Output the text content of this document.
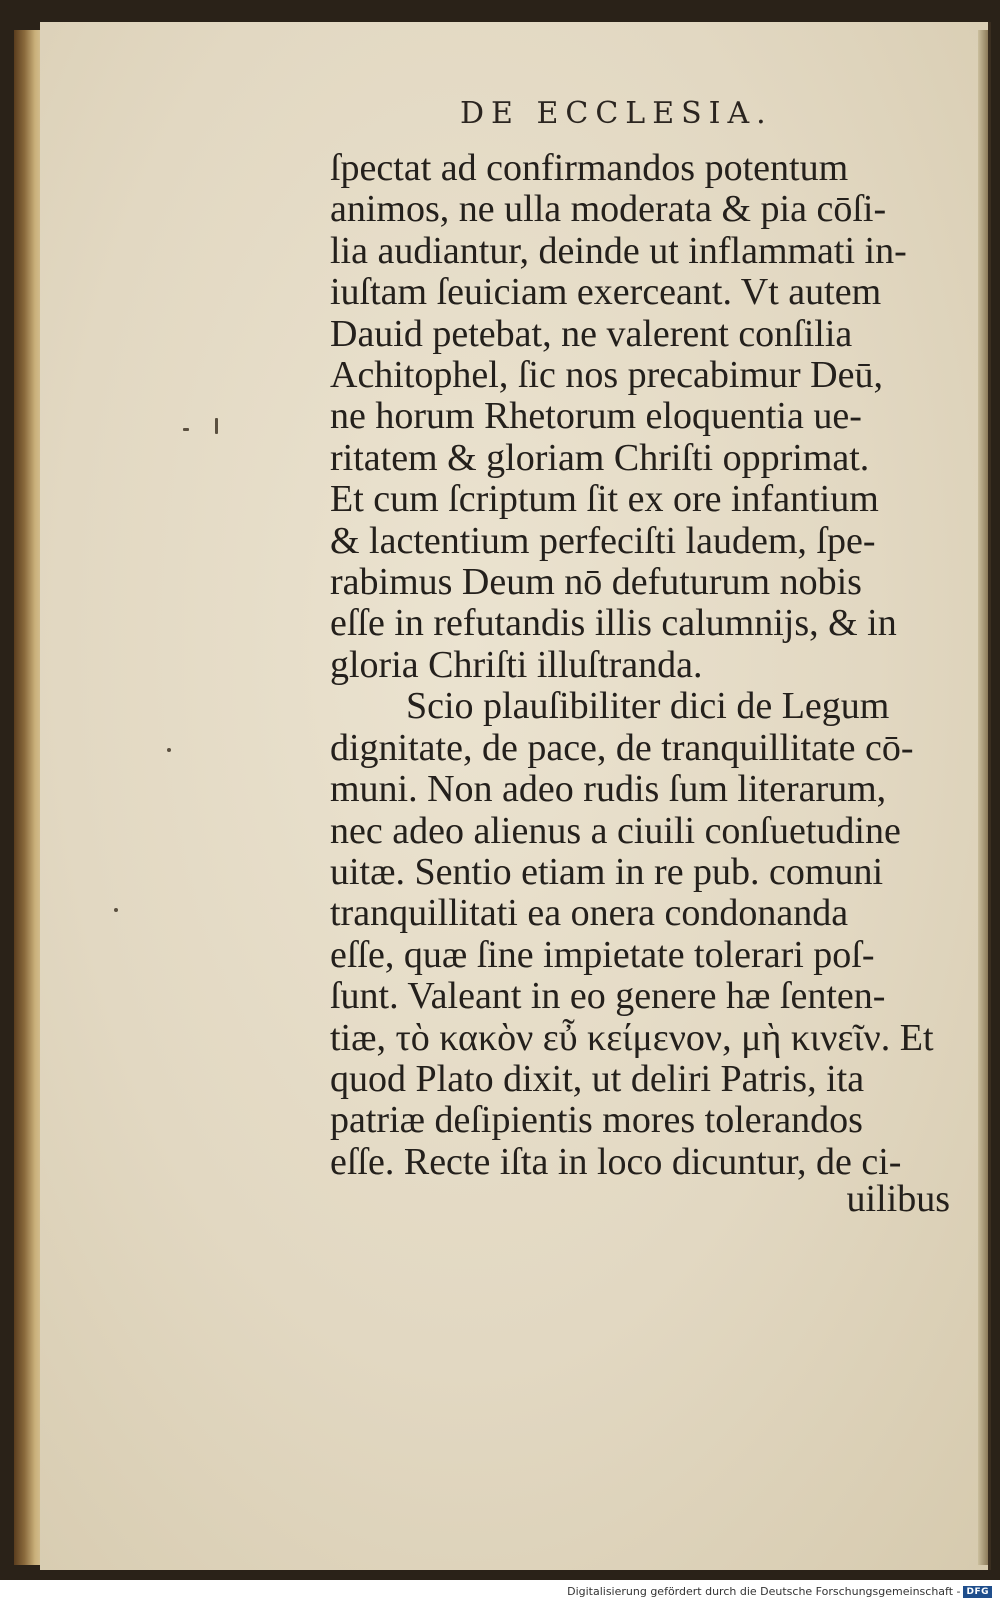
DE ECCLESIA.
ſpectat ad confirmandos potentum
animos, ne ulla moderata & pia cōſi-
lia audiantur, deinde ut inflammati in-
iuſtam ſeuiciam exerceant. Vt autem
Dauid petebat, ne valerent conſilia
Achitophel, ſic nos precabimur Deū,
ne horum Rhetorum eloquentia ue-
ritatem & gloriam Chriſti opprimat.
Et cum ſcriptum ſit ex ore infantium
& lactentium perfeciſti laudem, ſpe-
rabimus Deum nō defuturum nobis
eſſe in refutandis illis calumnijs, & in
gloria Chriſti illuſtranda.
Scio plauſibiliter dici de Legum
dignitate, de pace, de tranquillitate cō-
muni. Non adeo rudis ſum literarum,
nec adeo alienus a ciuili conſuetudine
uitæ. Sentio etiam in re pub. comuni
tranquillitati ea onera condonanda
eſſe, quæ ſine impietate tolerari poſ-
ſunt. Valeant in eo genere hæ ſenten-
tiæ, τὸ κακὸν εὖ κείμενον, μὴ κινεῖν. Et
quod Plato dixit, ut deliri Patris, ita
patriæ deſipientis mores tolerandos
eſſe. Recte iſta in loco dicuntur, de ci-
uilibus
Digitalisierung gefördert durch die Deutsche Forschungsgemeinschaft - DFG
